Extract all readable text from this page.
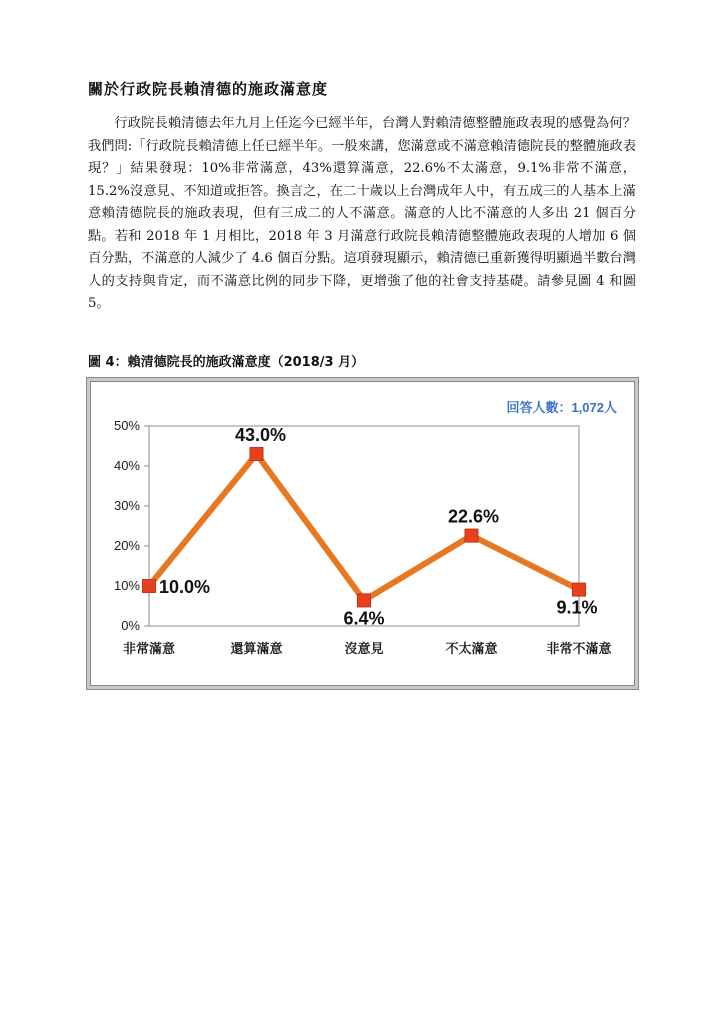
關於行政院長賴清德的施政滿意度

行政院長賴清德去年九月上任迄今已經半年，台灣人對賴清德整體施政表現的感覺為何？我們問:「行政院長賴清德上任已經半年。一般來講，您滿意或不滿意賴清德院長的整體施政表現？」結果發現：10%非常滿意，43%還算滿意，22.6%不太滿意，9.1%非常不滿意，15.2%沒意見、不知道或拒答。換言之，在二十歲以上台灣成年人中，有五成三的人基本上滿意賴清德院長的施政表現，但有三成二的人不滿意。滿意的人比不滿意的人多出 21 個百分點。若和 2018 年 1 月相比，2018 年 3 月滿意行政院長賴清德整體施政表現的人增加 6 個百分點，不滿意的人減少了 4.6 個百分點。這項發現顯示，賴清德已重新獲得明顯過半數台灣人的支持與肯定，而不滿意比例的同步下降，更增強了他的社會支持基礎。請參見圖 4 和圖 5。

圖 4：賴清德院長的施政滿意度（2018/3 月）
0%
10%
20%
30%
40%
50%
非常滿意	還算滿意	沒意見	不太滿意	非常不滿意
10.0%
43.0%
6.4%
22.6%
9.1%
回答人數：1,072人
